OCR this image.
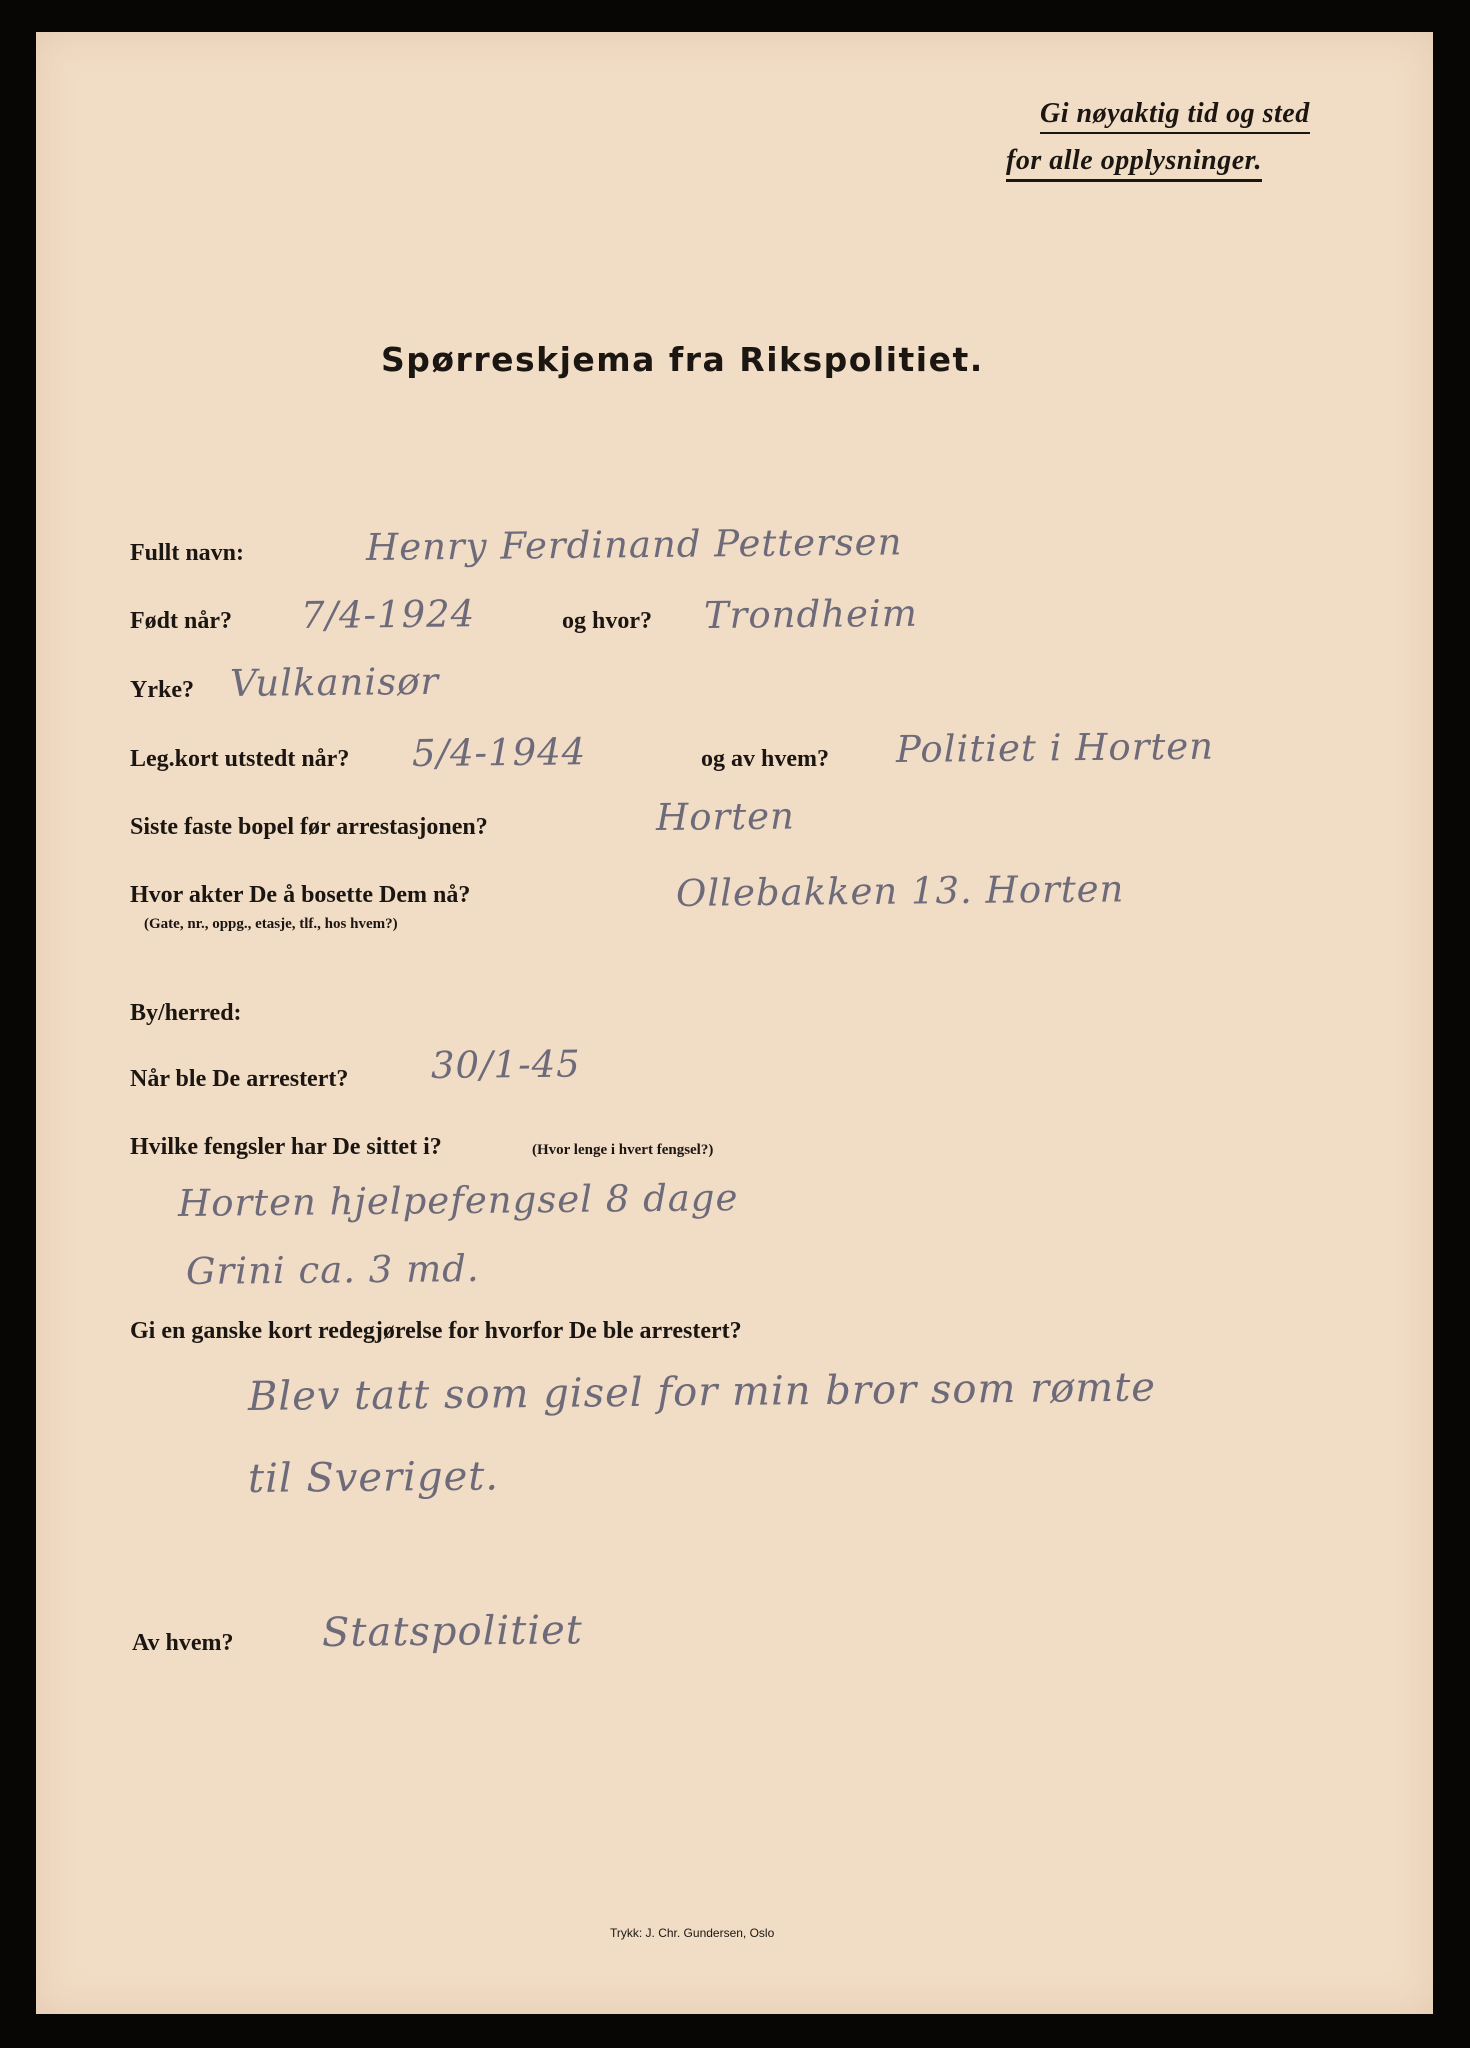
Gi nøyaktig tid og sted
for alle opplysninger.
Spørreskjema fra Rikspolitiet.
Fullt navn:	Henry Ferdinand Pettersen
Født når? 7/4-1924	og hvor? Trondheim
Yrke? Vulkanisør
Leg.kort utstedt når? 5/4-1944	og av hvem? Politiet i Horten
Siste faste bopel før arrestasjonen?	Horten
Hvor akter De å bosette Dem nå?
(Gate, nr., oppg., etasje, tlf., hos hvem?)
Ollebakken 13. Horten
By/herred:
Når ble De arrestert? 30/1-45
Hvilke fengsler har De sittet i?	(Hvor lenge i hvert fengsel?)
Horten hjelpefengsel 8 dage
Grini ca. 3 md.
Gi en ganske kort redegjørelse for hvorfor De ble arrestert?
Blev tatt som gisel for min bror som rømte
til Sveriget.
Av hvem? Statspolitiet
Trykk: J. Chr. Gundersen, Oslo
